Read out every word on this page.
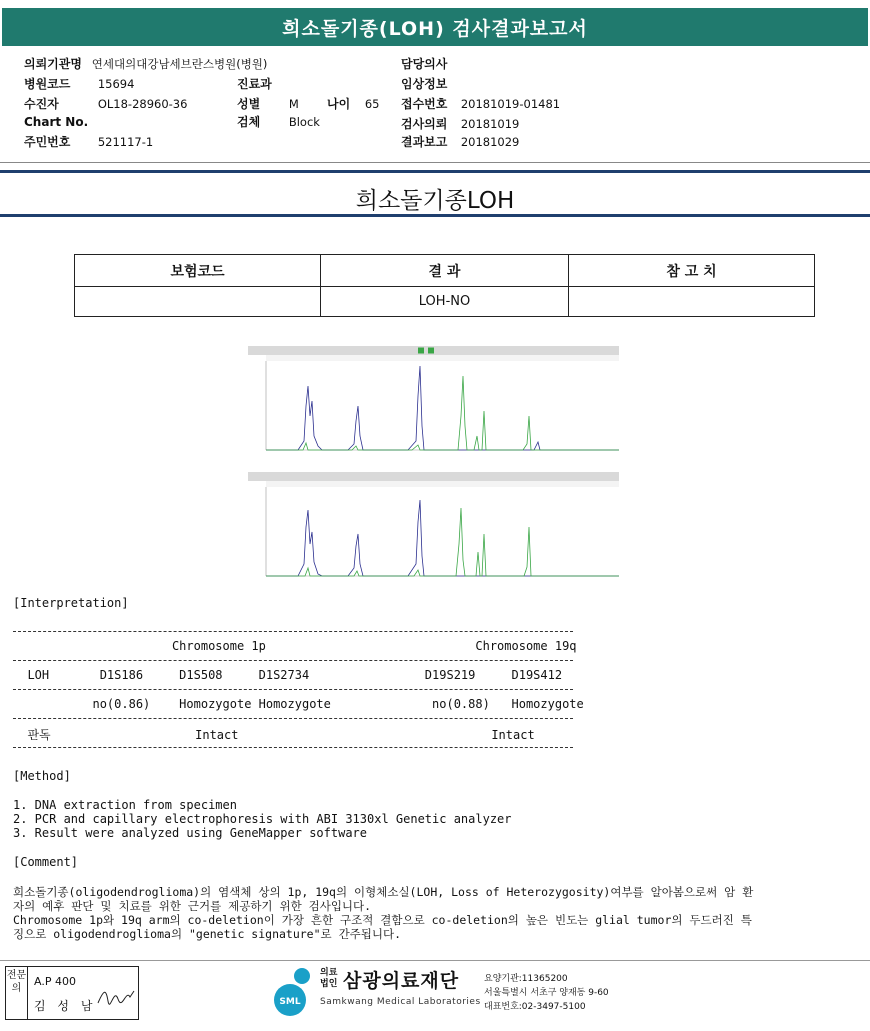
희소돌기종(LOH) 검사결과보고서
의뢰기관명 연세대의대강남세브란스병원(병원)
병원코드 15694	진료과
수진자	OL18-28960-36	성별 M 나이 65
Chart No.	검체 Block
주민번호 521117-1
담당의사
임상정보
접수번호 20181019-01481
검사의뢰 20181019
결과보고 20181029
희소돌기종LOH
보험코드	결 과	참 고 치
	LOH-NO	
[Interpretation]
Chromosome 1p                             Chromosome 19q
LOH       D1S186     D1S508     D1S2734                D19S219     D19S412
no(0.86)    Homozygote Homozygote              no(0.88)   Homozygote
판독                    Intact                                   Intact
[Method]
1. DNA extraction from specimen
2. PCR and capillary electrophoresis with ABI 3130xl Genetic analyzer
3. Result were analyzed using GeneMapper software
[Comment]
희소돌기종(oligodendroglioma)의 염색체 상의 1p, 19q의 이형체소실(LOH, Loss of Heterozygosity)여부를 알아봄으로써 암 환
자의 예후 판단 및 치료를 위한 근거를 제공하기 위한 검사입니다.
Chromosome 1p와 19q arm의 co-deletion이 가장 흔한 구조적 결함으로 co-deletion의 높은 빈도는 glial tumor의 두드러진 특
징으로 oligodendroglioma의 "genetic signature"로 간주됩니다.
전문의
A.P 400
김 성 남	SML
의료
법인 삼광의료재단
Samkwang Medical Laboratories
요양기관:11365200
서울특별시 서초구 양재동 9-60
대표번호:02-3497-5100
